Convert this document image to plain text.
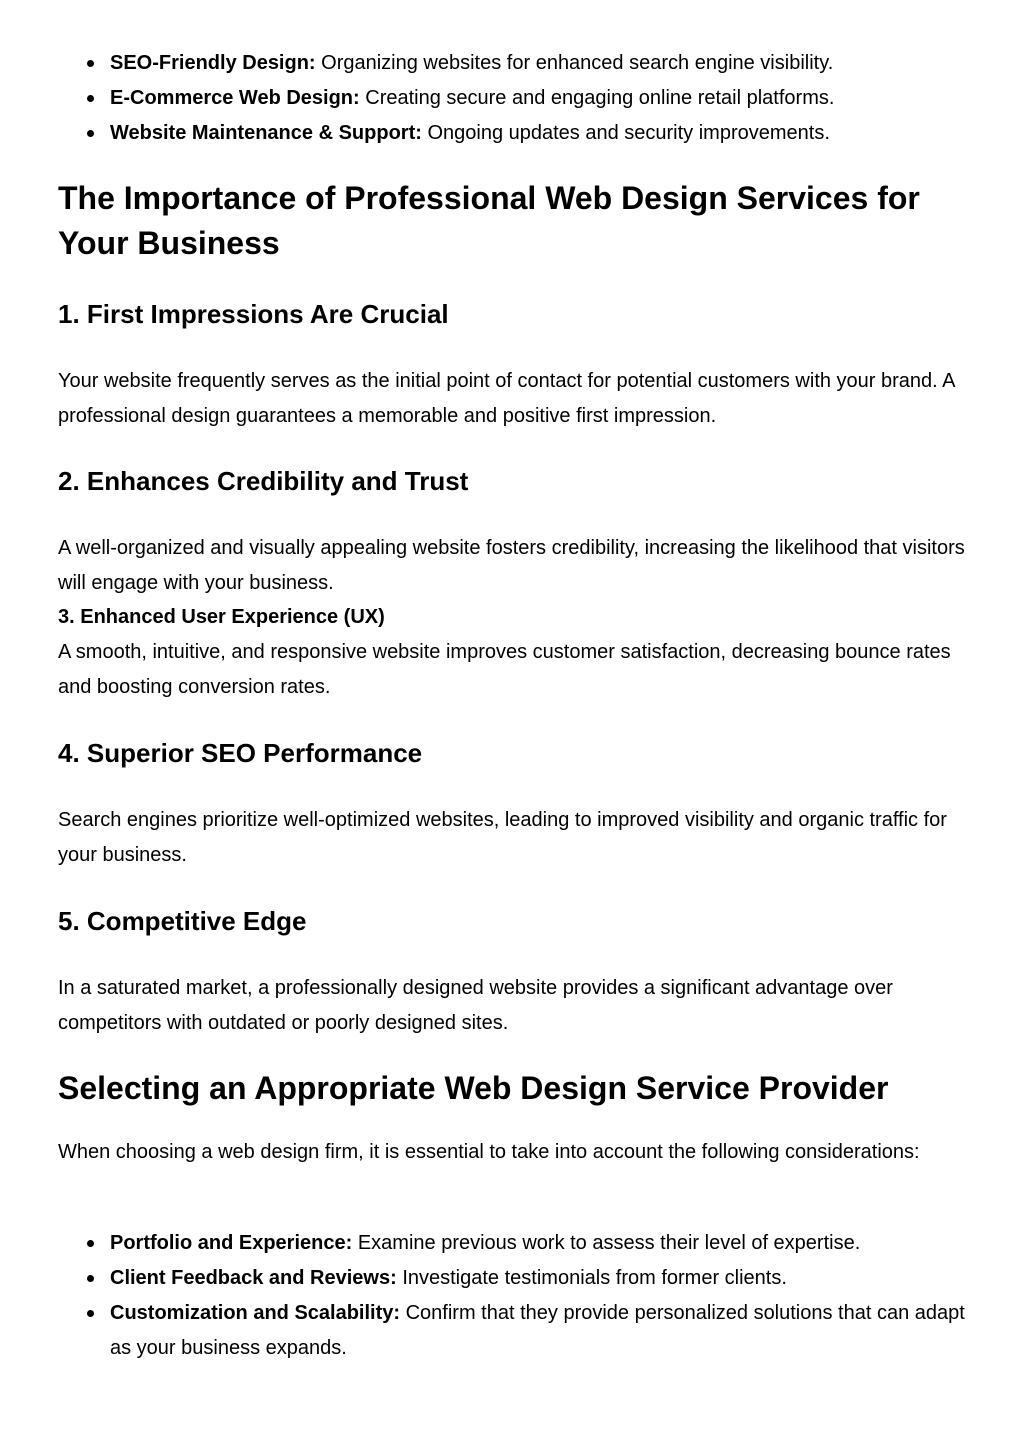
SEO-Friendly Design: Organizing websites for enhanced search engine visibility.
E-Commerce Web Design: Creating secure and engaging online retail platforms.
Website Maintenance & Support: Ongoing updates and security improvements.
The Importance of Professional Web Design Services for Your Business
1. First Impressions Are Crucial

Your website frequently serves as the initial point of contact for potential customers with your brand. A professional design guarantees a memorable and positive first impression.

2. Enhances Credibility and Trust

A well-organized and visually appealing website fosters credibility, increasing the likelihood that visitors will engage with your business.

3. Enhanced User Experience (UX)

A smooth, intuitive, and responsive website improves customer satisfaction, decreasing bounce rates and boosting conversion rates.

4. Superior SEO Performance

Search engines prioritize well-optimized websites, leading to improved visibility and organic traffic for your business.

5. Competitive Edge

In a saturated market, a professionally designed website provides a significant advantage over competitors with outdated or poorly designed sites.

Selecting an Appropriate Web Design Service Provider

When choosing a web design firm, it is essential to take into account the following considerations:

Portfolio and Experience: Examine previous work to assess their level of expertise.
Client Feedback and Reviews: Investigate testimonials from former clients.
Customization and Scalability: Confirm that they provide personalized solutions that can adapt as your business expands.
